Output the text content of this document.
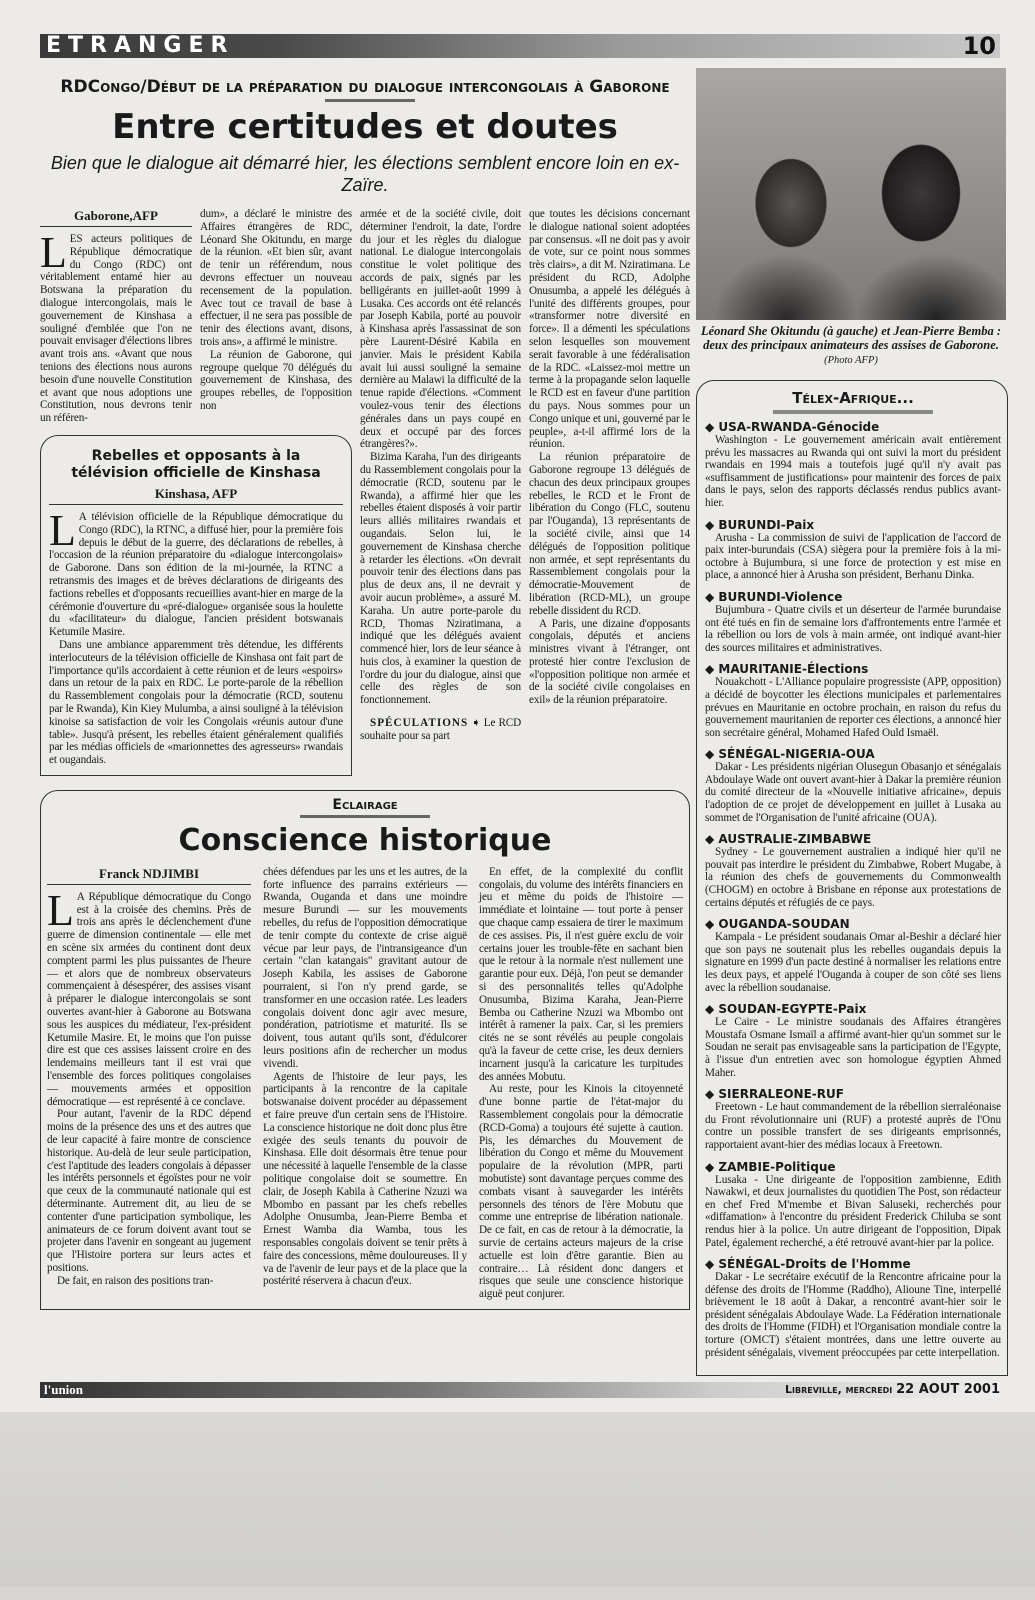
ETRANGER	10
RDCongo/Début de la préparation du dialogue intercongolais à Gaborone
Entre certitudes et doutes
Bien que le dialogue ait démarré hier, les élections semblent encore loin en ex-Zaïre.
Gaborone,AFP
L ES acteurs politiques de République démocratique du Congo (RDC) ont véritablement entamé hier au Botswana la préparation du dialogue intercongolais, mais le gouvernement de Kinshasa a souligné d'emblée que l'on ne pouvait envisager d'élections libres avant trois ans. «Avant que nous tenions des élections nous aurons besoin d'une nouvelle Constitution et avant que nous adoptions une Constitution, nous devrons tenir un référen-

dum», a déclaré le ministre des Affaires étrangères de RDC, Léonard She Okitundu, en marge de la réunion. «Et bien sûr, avant de tenir un référendum, nous devrons effectuer un nouveau recensement de la population. Avec tout ce travail de base à effectuer, il ne sera pas possible de tenir des élections avant, disons, trois ans», a affirmé le ministre.

La réunion de Gaborone, qui regroupe quelque 70 délégués du gouvernement de Kinshasa, des groupes rebelles, de l'opposition non

Rebelles et opposants à la télévision officielle de Kinshasa
Kinshasa, AFP
L A télévision officielle de la République démocratique du Congo (RDC), la RTNC, a diffusé hier, pour la première fois depuis le début de la guerre, des déclarations de rebelles, à l'occasion de la réunion préparatoire du «dialogue intercongolais» de Gaborone. Dans son édition de la mi-journée, la RTNC a retransmis des images et de brèves déclarations de dirigeants des factions rebelles et d'opposants recueillies avant-hier en marge de la cérémonie d'ouverture du «pré-dialogue» organisée sous la houlette du «facilitateur» du dialogue, l'ancien président botswanais Ketumile Masire.

Dans une ambiance apparemment très détendue, les différents interlocuteurs de la télévision officielle de Kinshasa ont fait part de l'importance qu'ils accordaient à cette réunion et de leurs «espoirs» dans un retour de la paix en RDC. Le porte-parole de la rébellion du Rassemblement congolais pour la démocratie (RCD, soutenu par le Rwanda), Kin Kiey Mulumba, a ainsi souligné à la télévision kinoise sa satisfaction de voir les Congolais «réunis autour d'une table». Jusqu'à présent, les rebelles étaient généralement qualifiés par les médias officiels de «marionnettes des agresseurs» rwandais et ougandais.

armée et de la société civile, doit déterminer l'endroit, la date, l'ordre du jour et les règles du dialogue national. Le dialogue intercongolais constitue le volet politique des accords de paix, signés par les belligérants en juillet-août 1999 à Lusaka. Ces accords ont été relancés par Joseph Kabila, porté au pouvoir à Kinshasa après l'assassinat de son père Laurent-Désiré Kabila en janvier. Mais le président Kabila avait lui aussi souligné la semaine dernière au Malawi la difficulté de la tenue rapide d'élections. «Comment voulez-vous tenir des élections générales dans un pays coupé en deux et occupé par des forces étrangères?».

Bizima Karaha, l'un des dirigeants du Rassemblement congolais pour la démocratie (RCD, soutenu par le Rwanda), a affirmé hier que les rebelles étaient disposés à voir partir leurs alliés militaires rwandais et ougandais. Selon lui, le gouvernement de Kinshasa cherche à retarder les élections. «On devrait pouvoir tenir des élections dans pas plus de deux ans, il ne devrait y avoir aucun problème», a assuré M. Karaha. Un autre porte-parole du RCD, Thomas Nziratimana, a indiqué que les délégués avaient commencé hier, lors de leur séance à huis clos, à examiner la question de l'ordre du jour du dialogue, ainsi que celle des règles de son fonctionnement.

SPÉCULATIONS ➧ Le RCD souhaite pour sa part

que toutes les décisions concernant le dialogue national soient adoptées par consensus. «Il ne doit pas y avoir de vote, sur ce point nous sommes très clairs», a dit M. Nziratimana. Le président du RCD, Adolphe Onusumba, a appelé les délégués à l'unité des différents groupes, pour «transformer notre diversité en force». Il a démenti les spéculations selon lesquelles son mouvement serait favorable à une fédéralisation de la RDC. «Laissez-moi mettre un terme à la propagande selon laquelle le RCD est en faveur d'une partition du pays. Nous sommes pour un Congo unique et uni, gouverné par le peuple», a-t-il affirmé lors de la réunion.

La réunion préparatoire de Gaborone regroupe 13 délégués de chacun des deux principaux groupes rebelles, le RCD et le Front de libération du Congo (FLC, soutenu par l'Ouganda), 13 représentants de la société civile, ainsi que 14 délégués de l'opposition politique non armée, et sept représentants du Rassemblement congolais pour la démocratie-Mouvement de libération (RCD-ML), un groupe rebelle dissident du RCD.

A Paris, une dizaine d'opposants congolais, députés et anciens ministres vivant à l'étranger, ont protesté hier contre l'exclusion de «l'opposition politique non armée et de la société civile congolaises en exil» de la réunion préparatoire.

Eclairage
Conscience historique
Franck NDJIMBI
L A République démocratique du Congo est à la croisée des chemins. Près de trois ans après le déclenchement d'une guerre de dimension continentale — elle met en scène six armées du continent dont deux comptent parmi les plus puissantes de l'heure — et alors que de nombreux observateurs commençaient à désespérer, des assises visant à préparer le dialogue intercongolais se sont ouvertes avant-hier à Gaborone au Botswana sous les auspices du médiateur, l'ex-président Ketumile Masire. Et, le moins que l'on puisse dire est que ces assises laissent croire en des lendemains meilleurs tant il est vrai que l'ensemble des forces politiques congolaises — mouvements armées et opposition démocratique — est représenté à ce conclave.

Pour autant, l'avenir de la RDC dépend moins de la présence des uns et des autres que de leur capacité à faire montre de conscience historique. Au-delà de leur seule participation, c'est l'aptitude des leaders congolais à dépasser les intérêts personnels et égoïstes pour ne voir que ceux de la communauté nationale qui est déterminante. Autrement dit, au lieu de se contenter d'une participation symbolique, les animateurs de ce forum doivent avant tout se projeter dans l'avenir en songeant au jugement que l'Histoire portera sur leurs actes et positions.

De fait, en raison des positions tran-

chées défendues par les uns et les autres, de la forte influence des parrains extérieurs — Rwanda, Ouganda et dans une moindre mesure Burundi — sur les mouvements rebelles, du refus de l'opposition démocratique de tenir compte du contexte de crise aiguë vécue par leur pays, de l'intransigeance d'un certain "clan katangais" gravitant autour de Joseph Kabila, les assises de Gaborone pourraient, si l'on n'y prend garde, se transformer en une occasion ratée. Les leaders congolais doivent donc agir avec mesure, pondération, patriotisme et maturité. Ils se doivent, tous autant qu'ils sont, d'édulcorer leurs positions afin de rechercher un modus vivendi.

Agents de l'histoire de leur pays, les participants à la rencontre de la capitale botswanaise doivent procéder au dépassement et faire preuve d'un certain sens de l'Histoire. La conscience historique ne doit donc plus être exigée des seuls tenants du pouvoir de Kinshasa. Elle doit désormais être tenue pour une nécessité à laquelle l'ensemble de la classe politique congolaise doit se soumettre. En clair, de Joseph Kabila à Catherine Nzuzi wa Mbombo en passant par les chefs rebelles Adolphe Onusumba, Jean-Pierre Bemba et Ernest Wamba dia Wamba, tous les responsables congolais doivent se tenir prêts à faire des concessions, même douloureuses. Il y va de l'avenir de leur pays et de la place que la postérité réservera à chacun d'eux.

En effet, de la complexité du conflit congolais, du volume des intérêts financiers en jeu et même du poids de l'histoire — immédiate et lointaine — tout porte à penser que chaque camp essaiera de tirer le maximum de ces assises. Pis, il n'est guère exclu de voir certains jouer les trouble-fête en sachant bien que le retour à la normale n'est nullement une garantie pour eux. Déjà, l'on peut se demander si des personnalités telles qu'Adolphe Onusumba, Bizima Karaha, Jean-Pierre Bemba ou Catherine Nzuzi wa Mbombo ont intérêt à ramener la paix. Car, si les premiers cités ne se sont révélés au peuple congolais qu'à la faveur de cette crise, les deux derniers incarnent jusqu'à la caricature les turpitudes des années Mobutu.

Au reste, pour les Kinois la citoyenneté d'une bonne partie de l'état-major du Rassemblement congolais pour la démocratie (RCD-Goma) a toujours été sujette à caution. Pis, les démarches du Mouvement de libération du Congo et même du Mouvement populaire de la révolution (MPR, parti mobutiste) sont davantage perçues comme des combats visant à sauvegarder les intérêts personnels des ténors de l'ère Mobutu que comme une entreprise de libération nationale. De ce fait, en cas de retour à la démocratie, la survie de certains acteurs majeurs de la crise actuelle est loin d'être garantie. Bien au contraire… Là résident donc dangers et risques que seule une conscience historique aiguë peut conjurer.

Léonard She Okitundu (à gauche) et Jean-Pierre Bemba : deux des principaux animateurs des assises de Gaborone. (Photo AFP)
Télex-Afrique...
◆ USA-RWANDA-Génocide

Washington - Le gouvernement américain avait entièrement prévu les massacres au Rwanda qui ont suivi la mort du président rwandais en 1994 mais a toutefois jugé qu'il n'y avait pas «suffisamment de justifications» pour maintenir des forces de paix dans le pays, selon des rapports déclassés rendus publics avant-hier.

◆ BURUNDI-Paix

Arusha - La commission de suivi de l'application de l'accord de paix inter-burundais (CSA) siègera pour la première fois à la mi-octobre à Bujumbura, si une force de protection y est mise en place, a annoncé hier à Arusha son président, Berhanu Dinka.

◆ BURUNDI-Violence

Bujumbura - Quatre civils et un déserteur de l'armée burundaise ont été tués en fin de semaine lors d'affrontements entre l'armée et la rébellion ou lors de vols à main armée, ont indiqué avant-hier des sources militaires et administratives.

◆ MAURITANIE-Élections

Nouakchott - L'Alliance populaire progressiste (APP, opposition) a décidé de boycotter les élections municipales et parlementaires prévues en Mauritanie en octobre prochain, en raison du refus du gouvernement mauritanien de reporter ces élections, a annoncé hier son secrétaire général, Mohamed Hafed Ould Ismaël.

◆ SÉNÉGAL-NIGERIA-OUA

Dakar - Les présidents nigérian Olusegun Obasanjo et sénégalais Abdoulaye Wade ont ouvert avant-hier à Dakar la première réunion du comité directeur de la «Nouvelle initiative africaine», depuis l'adoption de ce projet de développement en juillet à Lusaka au sommet de l'Organisation de l'unité africaine (OUA).

◆ AUSTRALIE-ZIMBABWE

Sydney - Le gouvernement australien a indiqué hier qu'il ne pouvait pas interdire le président du Zimbabwe, Robert Mugabe, à la réunion des chefs de gouvernements du Commonwealth (CHOGM) en octobre à Brisbane en réponse aux protestations de certains députés et réfugiés de ce pays.

◆ OUGANDA-SOUDAN

Kampala - Le président soudanais Omar al-Beshir a déclaré hier que son pays ne soutenait plus les rebelles ougandais depuis la signature en 1999 d'un pacte destiné à normaliser les relations entre les deux pays, et appelé l'Ouganda à couper de son côté ses liens avec la rébellion soudanaise.

◆ SOUDAN-EGYPTE-Paix

Le Caire - Le ministre soudanais des Affaires étrangères Moustafa Osmane Ismaïl a affirmé avant-hier qu'un sommet sur le Soudan ne serait pas envisageable sans la participation de l'Egypte, à l'issue d'un entretien avec son homologue égyptien Ahmed Maher.

◆ SIERRALEONE-RUF

Freetown - Le haut commandement de la rébellion sierraléonaise du Front révolutionnaire uni (RUF) a protesté auprès de l'Onu contre un possible transfert de ses dirigeants emprisonnés, rapportaient avant-hier des médias locaux à Freetown.

◆ ZAMBIE-Politique

Lusaka - Une dirigeante de l'opposition zambienne, Edith Nawakwi, et deux journalistes du quotidien The Post, son rédacteur en chef Fred M'membe et Bivan Saluseki, recherchés pour «diffamation» à l'encontre du président Frederick Chiluba se sont rendus hier à la police. Un autre dirigeant de l'opposition, Dipak Patel, également recherché, a été retrouvé avant-hier par la police.

◆ SÉNÉGAL-Droits de l'Homme

Dakar - Le secrétaire exécutif de la Rencontre africaine pour la défense des droits de l'Homme (Raddho), Alioune Tine, interpellé brièvement le 18 août à Dakar, a rencontré avant-hier soir le président sénégalais Abdoulaye Wade. La Fédération internationale des droits de l'Homme (FIDH) et l'Organisation mondiale contre la torture (OMCT) s'étaient montrées, dans une lettre ouverte au président sénégalais, vivement préoccupées par cette interpellation.

l'union	Libreville, mercredi 22 AOUT 2001
